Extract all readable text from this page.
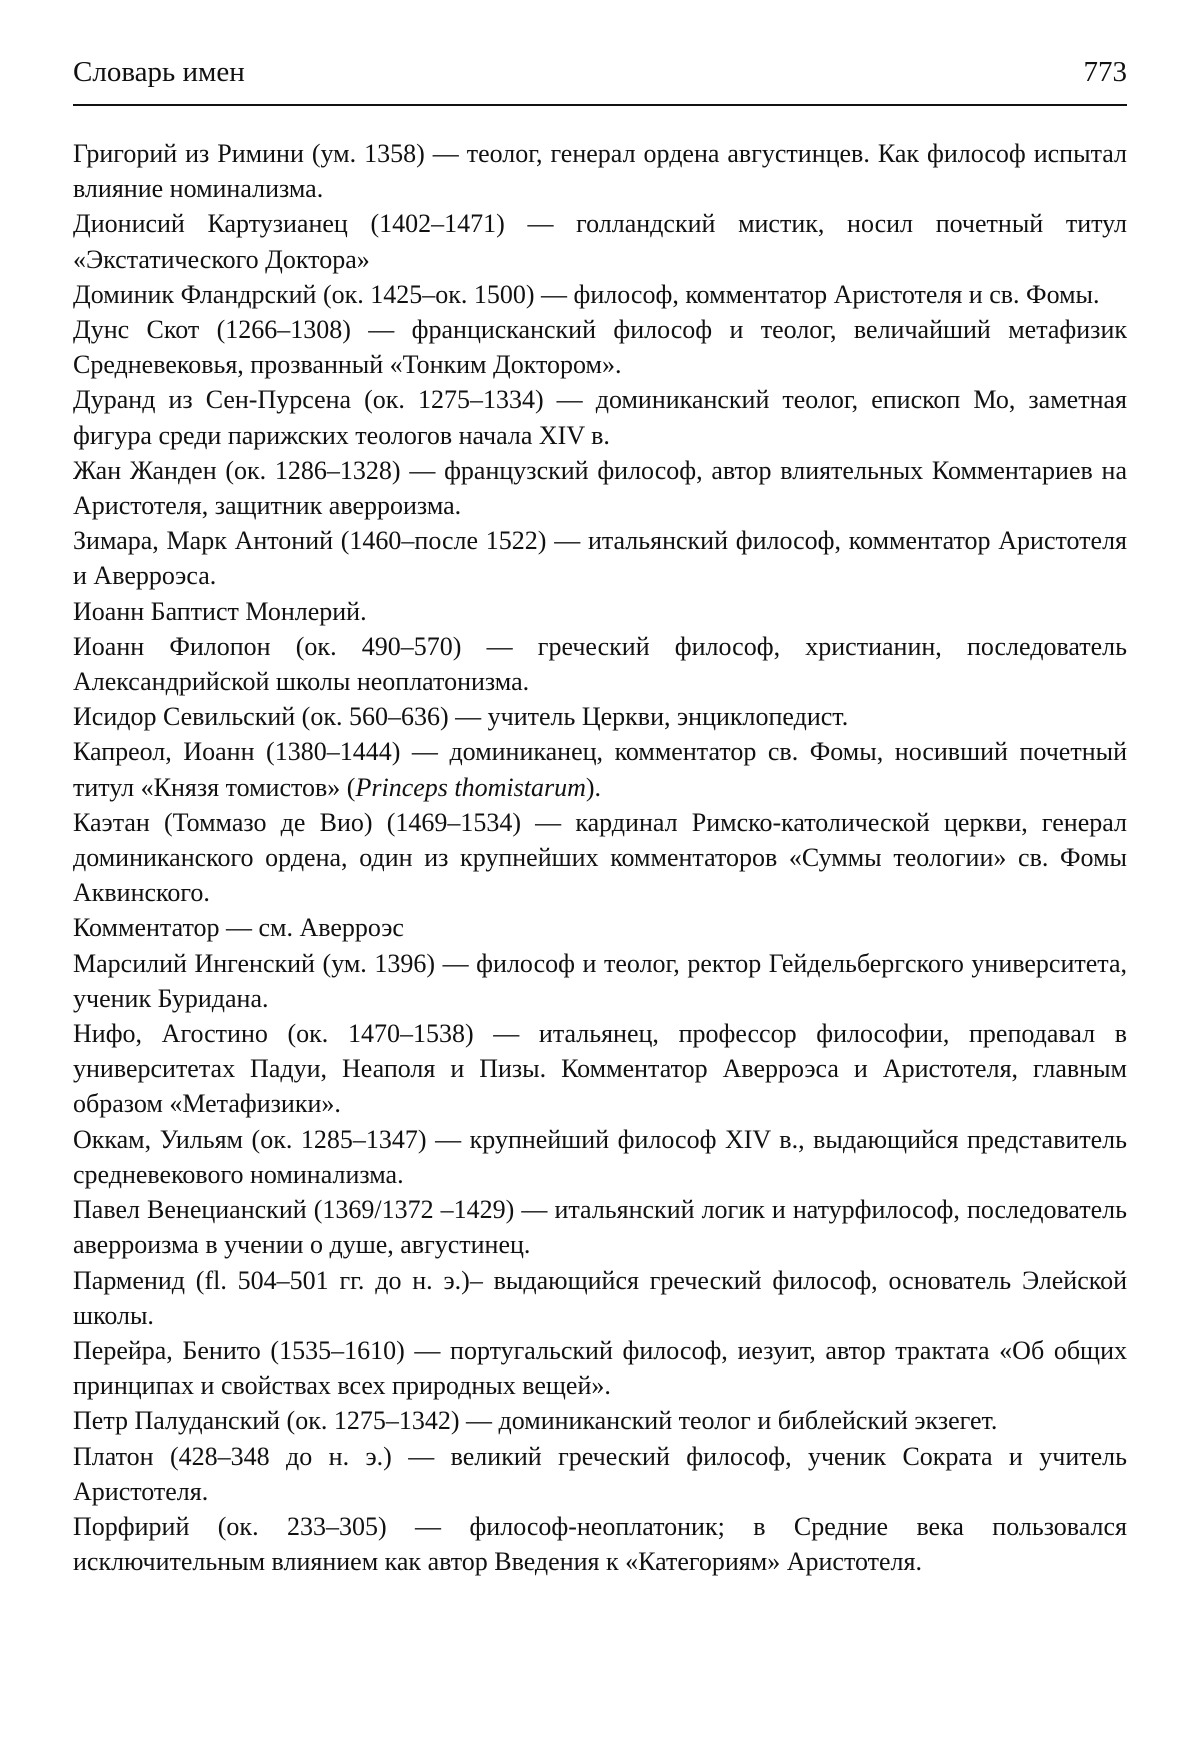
Словарь имен	773

Григорий из Римини (ум. 1358) — теолог, генерал ордена августинцев. Как философ испытал влияние номинализма.

Дионисий Картузианец (1402–1471) — голландский мистик, носил почетный титул «Экстатического Доктора»

Доминик Фландрский (ок. 1425–ок. 1500) — философ, комментатор Аристотеля и св. Фомы.

Дунс Скот (1266–1308) — францисканский философ и теолог, величайший метафизик Средневековья, прозванный «Тонким Доктором».

Дуранд из Сен-Пурсена (ок. 1275–1334) — доминиканский теолог, епископ Мо, заметная фигура среди парижских теологов начала XIV в.

Жан Жанден (ок. 1286–1328) — французский философ, автор влиятельных Комментариев на Аристотеля, защитник аверроизма.

Зимара, Марк Антоний (1460–после 1522) — итальянский философ, комментатор Аристотеля и Аверроэса.

Иоанн Баптист Монлерий.

Иоанн Филопон (ок. 490–570) — греческий философ, христианин, последователь Александрийской школы неоплатонизма.

Исидор Севильский (ок. 560–636) — учитель Церкви, энциклопедист.

Капреол, Иоанн (1380–1444) — доминиканец, комментатор св. Фомы, носивший почетный титул «Князя томистов» (Princeps thomistarum).

Каэтан (Томмазо де Вио) (1469–1534) — кардинал Римско-католической церкви, генерал доминиканского ордена, один из крупнейших комментаторов «Суммы теологии» св. Фомы Аквинского.

Комментатор — см. Аверроэс

Марсилий Ингенский (ум. 1396) — философ и теолог, ректор Гейдельбергского университета, ученик Буридана.

Нифо, Агостино (ок. 1470–1538) — итальянец, профессор философии, преподавал в университетах Падуи, Неаполя и Пизы. Комментатор Аверроэса и Аристотеля, главным образом «Метафизики».

Оккам, Уильям (ок. 1285–1347) — крупнейший философ XIV в., выдающийся представитель средневекового номинализма.

Павел Венецианский (1369/1372 –1429) — итальянский логик и натурфилософ, последователь аверроизма в учении о душе, августинец.

Парменид (fl. 504–501 гг. до н. э.)– выдающийся греческий философ, основатель Элейской школы.

Перейра, Бенито (1535–1610) — португальский философ, иезуит, автор трактата «Об общих принципах и свойствах всех природных вещей».

Петр Палуданский (ок. 1275–1342) — доминиканский теолог и библейский экзегет.

Платон (428–348 до н. э.) — великий греческий философ, ученик Сократа и учитель Аристотеля.

Порфирий (ок. 233–305) — философ-неоплатоник; в Средние века пользовался исключительным влиянием как автор Введения к «Категориям» Аристотеля.
